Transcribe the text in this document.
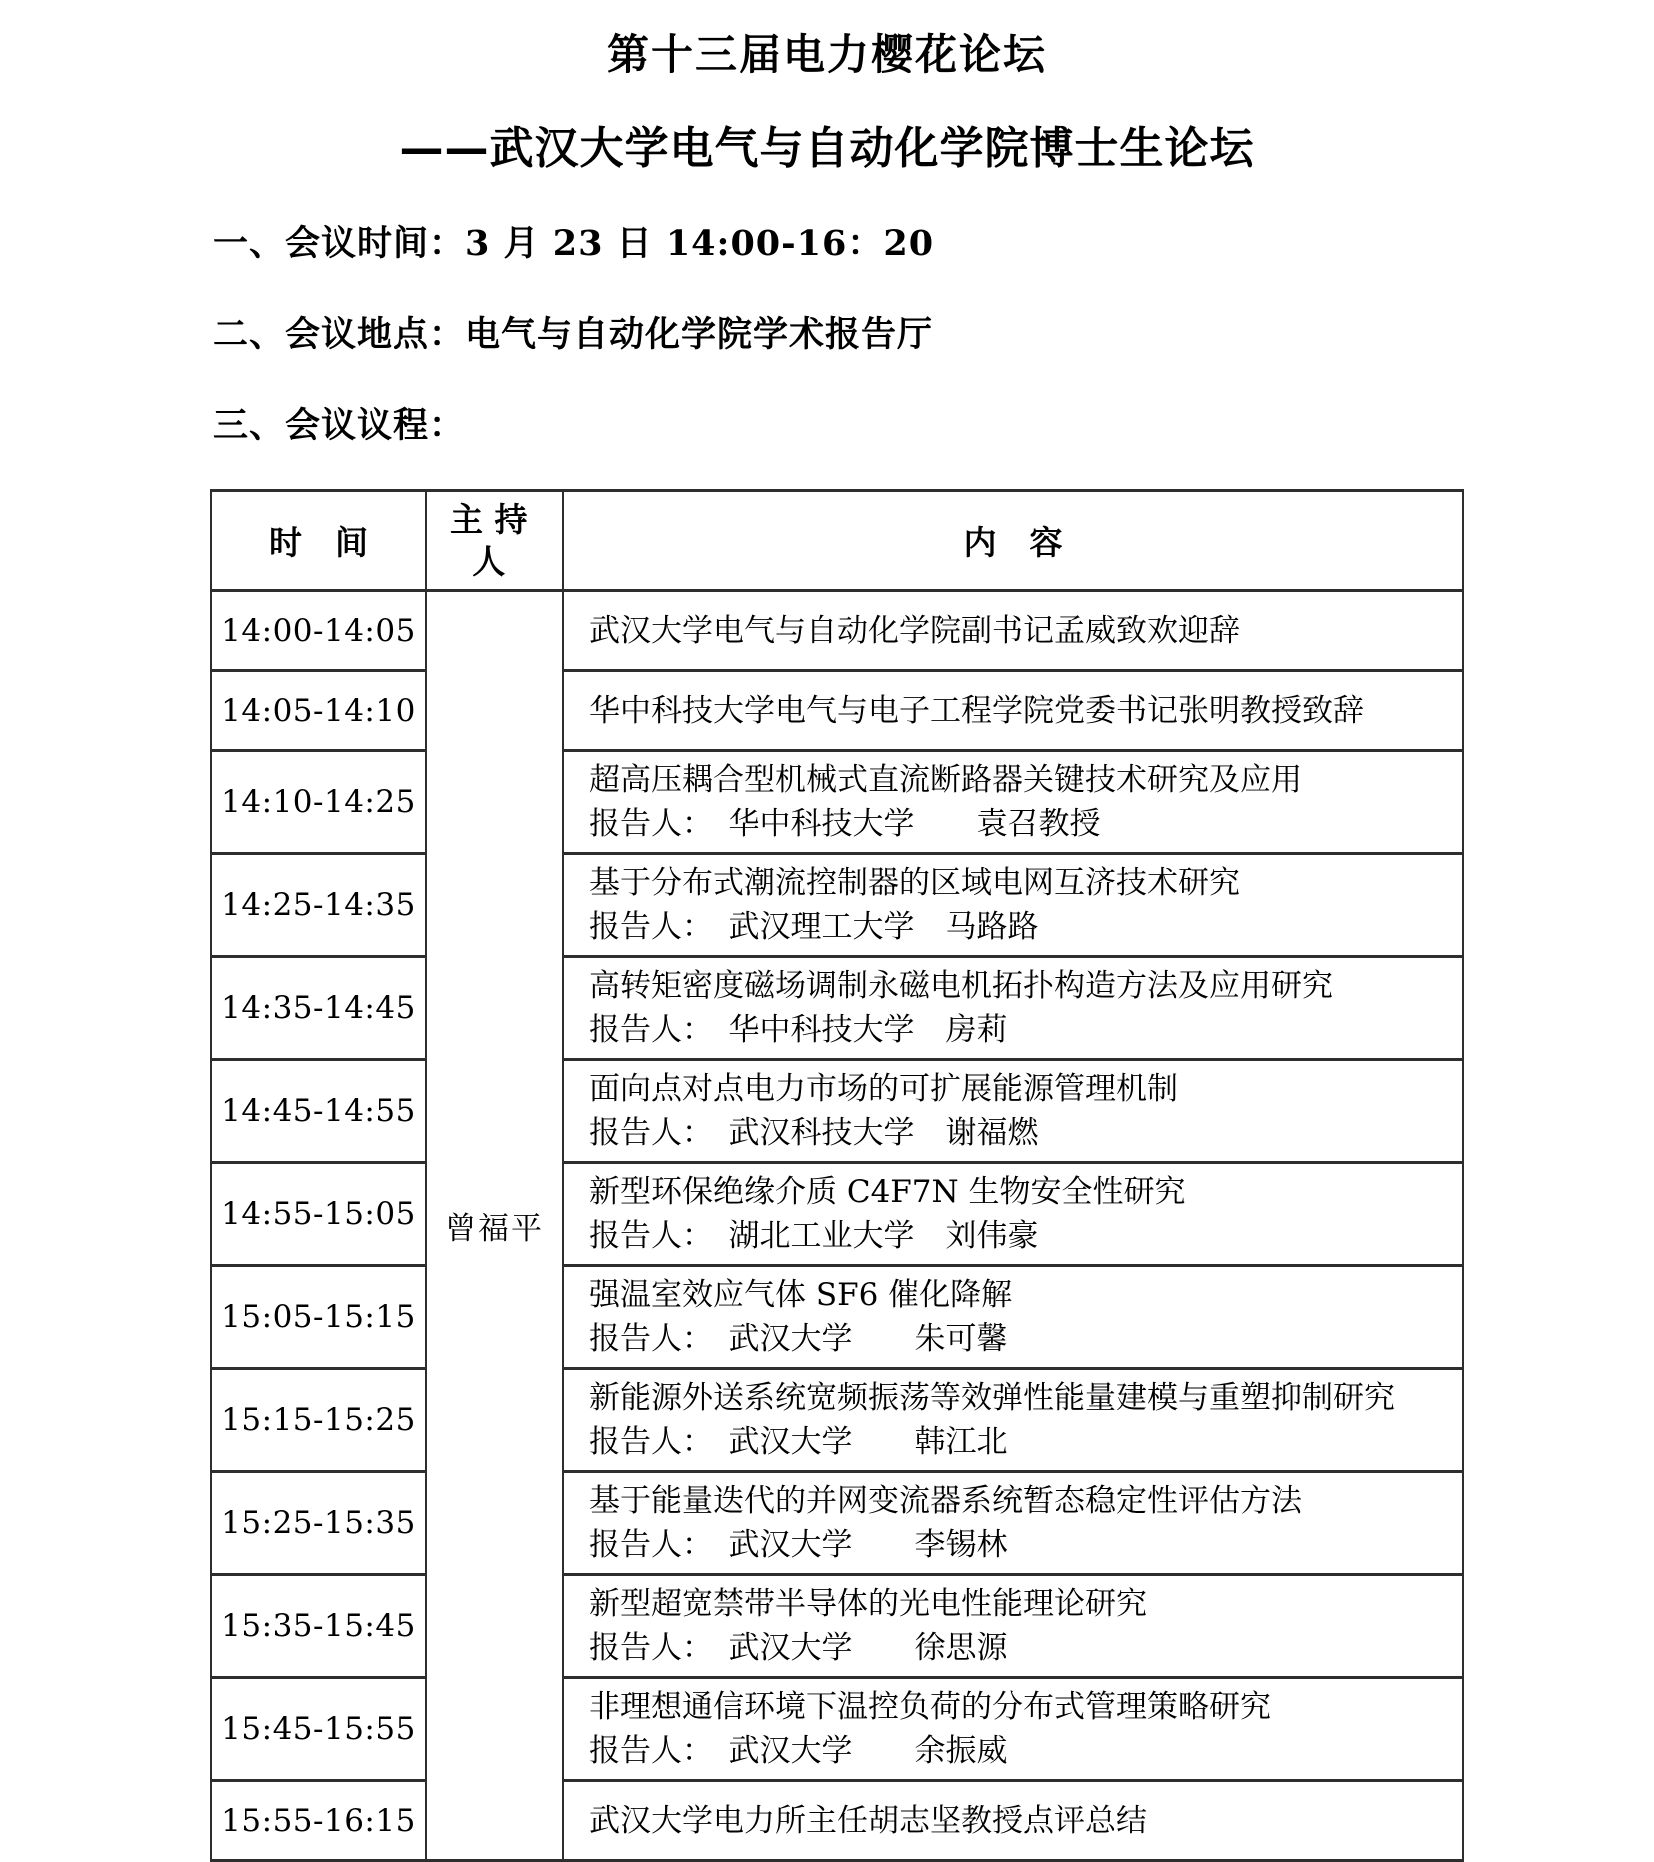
第十三届电力樱花论坛
——武汉大学电气与自动化学院博士生论坛
一、会议时间：3 月 23 日 14:00-16：20
二、会议地点：电气与自动化学院学术报告厅
三、会议议程：
时　间	主持人	内　容
14:00-14:05	曾福平	武汉大学电气与自动化学院副书记孟威致欢迎辞

14:05-14:10		华中科技大学电气与电子工程学院党委书记张明教授致辞

14:10-14:25		超高压耦合型机械式直流断路器关键技术研究及应用
报告人：　华中科技大学　　袁召教授

14:25-14:35		基于分布式潮流控制器的区域电网互济技术研究
报告人：　武汉理工大学　马路路

14:35-14:45		高转矩密度磁场调制永磁电机拓扑构造方法及应用研究
报告人：　华中科技大学　房莉

14:45-14:55		面向点对点电力市场的可扩展能源管理机制
报告人：　武汉科技大学　谢福燃

14:55-15:05		新型环保绝缘介质 C4F7N 生物安全性研究
报告人：　湖北工业大学　刘伟豪

15:05-15:15		强温室效应气体 SF6 催化降解
报告人：　武汉大学　　朱可馨

15:15-15:25		新能源外送系统宽频振荡等效弹性能量建模与重塑抑制研究
报告人：　武汉大学　　韩江北

15:25-15:35		基于能量迭代的并网变流器系统暂态稳定性评估方法
报告人：　武汉大学　　李锡林

15:35-15:45		新型超宽禁带半导体的光电性能理论研究
报告人：　武汉大学　　徐思源

15:45-15:55		非理想通信环境下温控负荷的分布式管理策略研究
报告人：　武汉大学　　余振威

15:55-16:15		武汉大学电力所主任胡志坚教授点评总结
